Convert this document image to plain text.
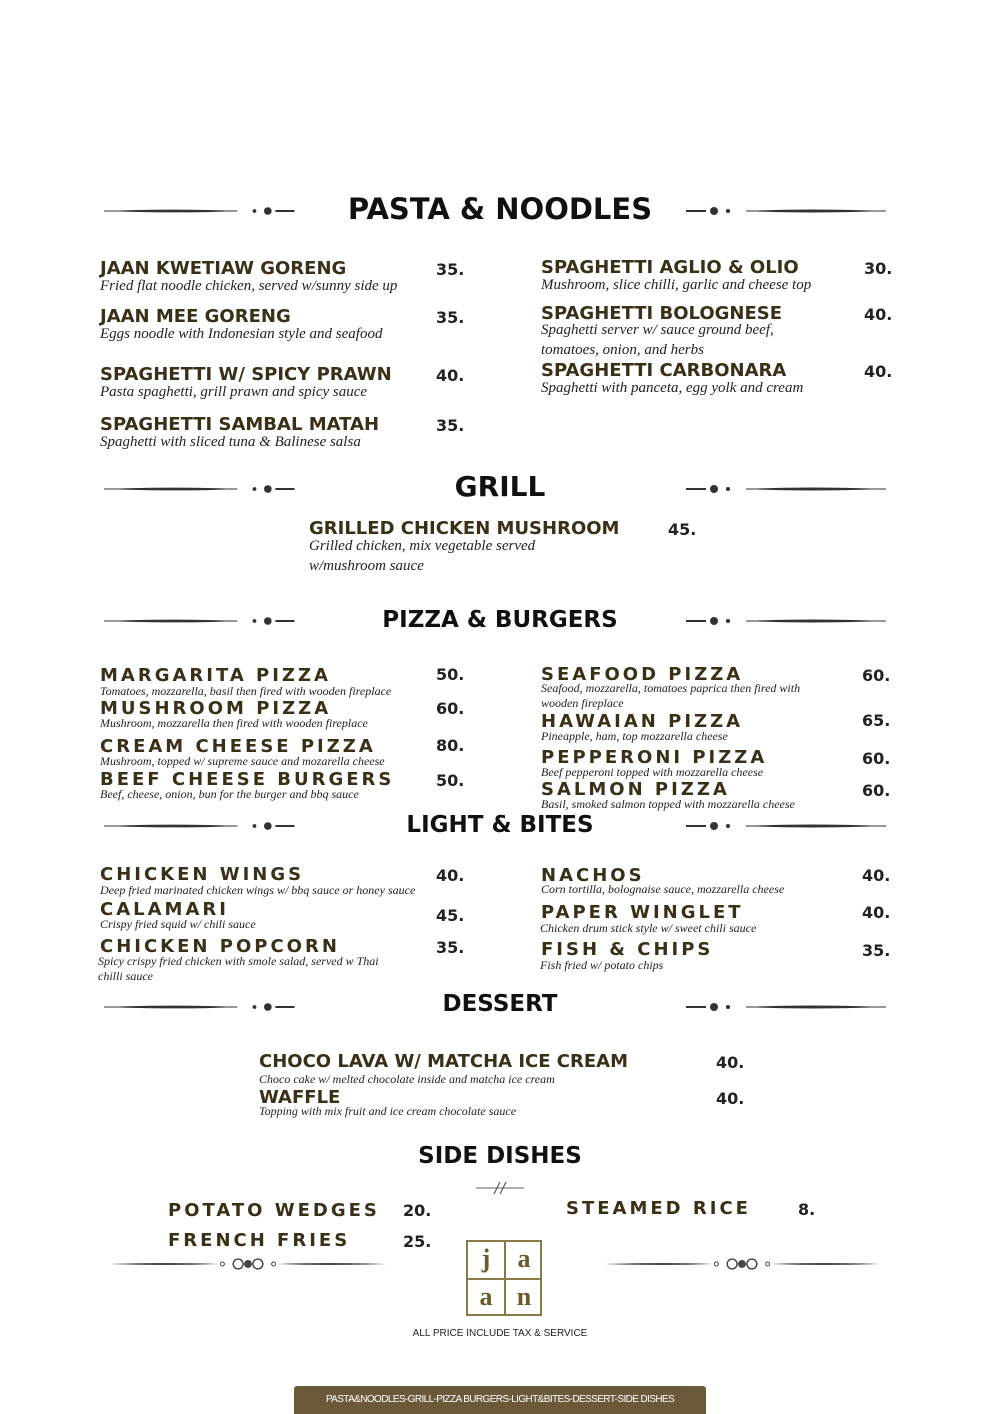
PASTA & NOODLES
JAAN KWETIAW GORENG	35.
Fried flat noodle chicken, served w/sunny side up
JAAN MEE GORENG	35.
Eggs noodle with Indonesian style and seafood
SPAGHETTI W/ SPICY PRAWN	40.
Pasta spaghetti, grill prawn and spicy sauce
SPAGHETTI SAMBAL MATAH	35.
Spaghetti with sliced tuna & Balinese salsa
SPAGHETTI AGLIO & OLIO	30.
Mushroom, slice chilli, garlic and cheese top
SPAGHETTI BOLOGNESE	40.
Spaghetti server w/ sauce ground beef,
tomatoes, onion, and herbs
SPAGHETTI CARBONARA	40.
Spaghetti with panceta, egg yolk and cream
GRILL
GRILLED CHICKEN MUSHROOM	45.
Grilled chicken, mix vegetable served
w/mushroom sauce
PIZZA & BURGERS
MARGARITA PIZZA	50.
Tomatoes, mozzarella, basil then fired with wooden fireplace
MUSHROOM PIZZA	60.
Mushroom, mozzarella then fired with wooden fireplace
CREAM CHEESE PIZZA	80.
Mushroom, topped w/ supreme sauce and mozarella cheese
BEEF CHEESE BURGERS	50.
Beef, cheese, onion, bun for the burger and bbq sauce
SEAFOOD PIZZA	60.
Seafood, mozzarella, tomatoes paprica then fired with
wooden fireplace
HAWAIAN PIZZA	65.
Pineapple, ham, top mozzarella cheese
PEPPERONI PIZZA	60.
Beef pepperoni topped with mozzarella cheese
SALMON PIZZA	60.
Basil, smoked salmon topped with mozzarella cheese
LIGHT & BITES
CHICKEN WINGS	40.
Deep fried marinated chicken wings w/ bbq sauce or honey sauce
CALAMARI	45.
Crispy fried squid w/ chili sauce
CHICKEN POPCORN	35.
Spicy crispy fried chicken with smole salad, served w Thai
chilli sauce
NACHOS	40.
Corn tortilla, bolognaise sauce, mozzarella cheese
PAPER WINGLET	40.
Chicken drum stick style w/ sweet chili sauce
FISH & CHIPS	35.
Fish fried w/ potato chips
DESSERT
CHOCO LAVA W/ MATCHA ICE CREAM	40.
Choco cake w/ melted chocolate inside and matcha ice cream
WAFFLE	40.
Topping with mix fruit and ice cream chocolate sauce
SIDE DISHES
POTATO WEDGES 20.
FRENCH FRIES	25.
STEAMED RICE	8.
j	a
a n
ALL PRICE INCLUDE TAX & SERVICE
PASTA&NOODLES-GRILL-PIZZA BURGERS-LIGHT&BITES-DESSERT-SIDE DISHES
